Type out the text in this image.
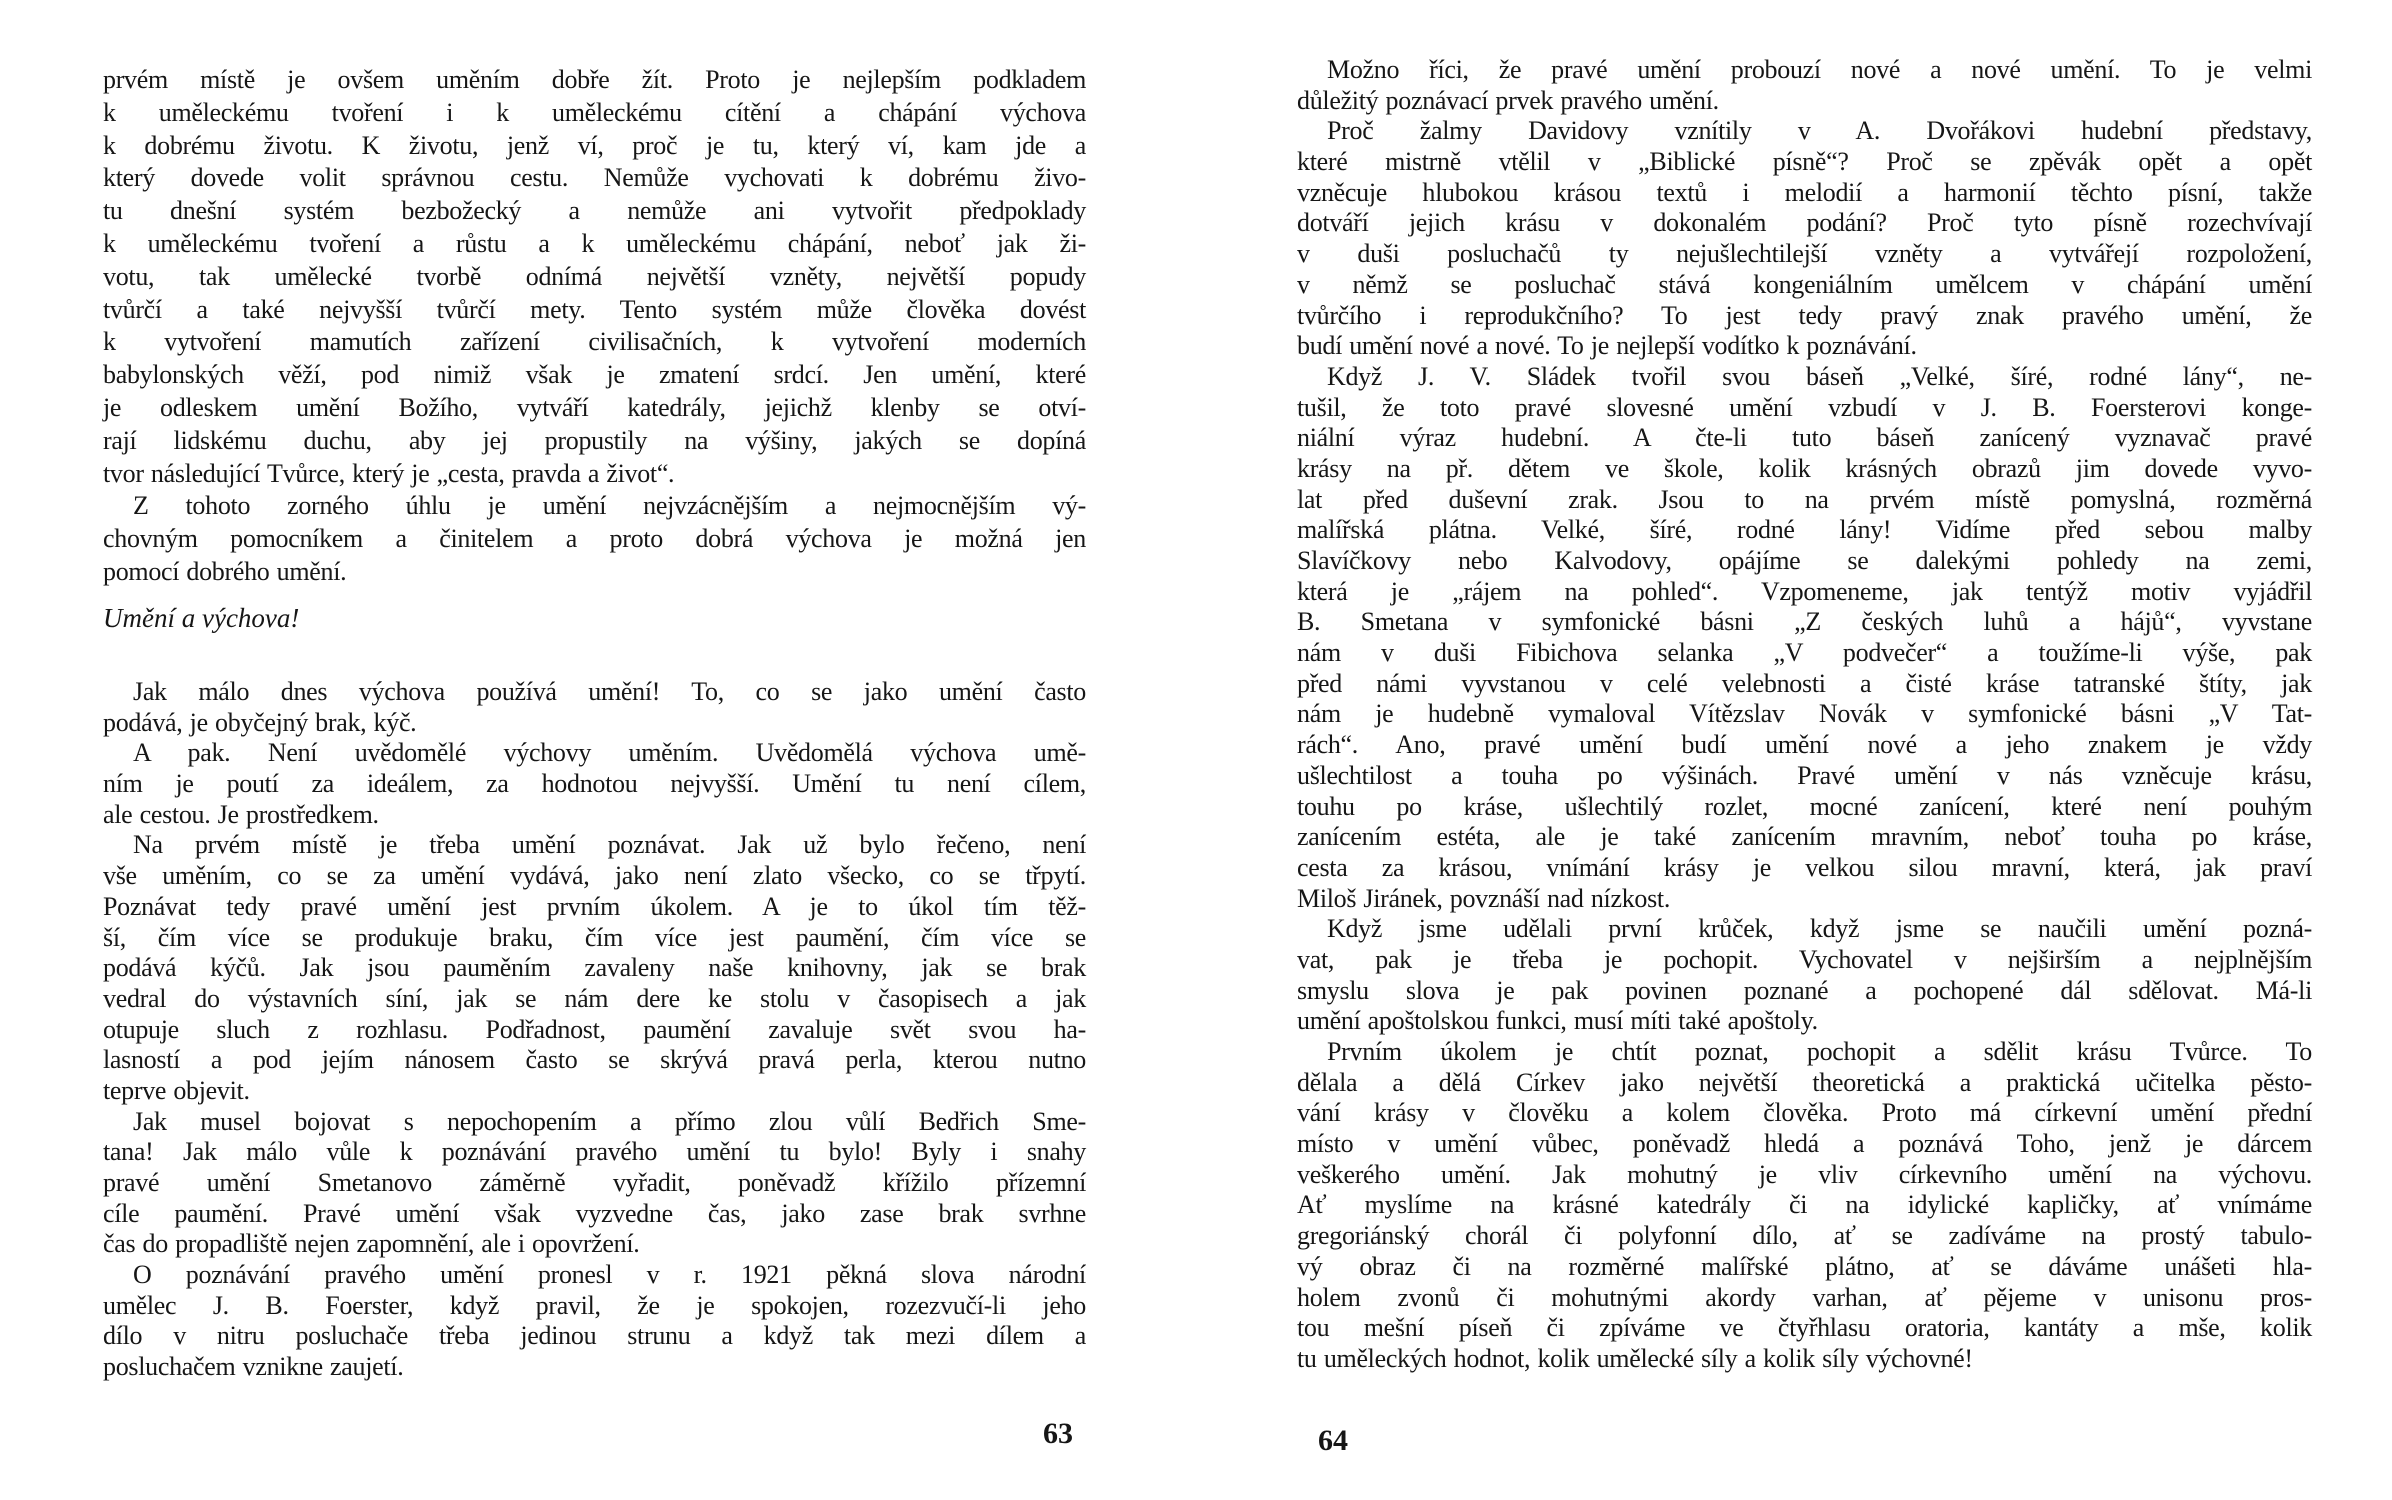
prvém místě je ovšem uměním dobře žít. Proto je nejlepším podkladem
k uměleckému tvoření i k uměleckému cítění a chápání výchova
k dobrému životu. K životu, jenž ví, proč je tu, který ví, kam jde a
který dovede volit správnou cestu. Nemůže vychovati k dobrému živo-
tu dnešní systém bezbožecký a nemůže ani vytvořit předpoklady
k uměleckému tvoření a růstu a k uměleckému chápání, neboť jak ži-
votu, tak umělecké tvorbě odnímá největší vzněty, největší popudy
tvůrčí a také nejvyšší tvůrčí mety. Tento systém může člověka dovést
k vytvoření mamutích zařízení civilisačních, k vytvoření moderních
babylonských věží, pod nimiž však je zmatení srdcí. Jen umění, které
je odleskem umění Božího, vytváří katedrály, jejichž klenby se otví-
rají lidskému duchu, aby jej propustily na výšiny, jakých se dopíná
tvor následující Tvůrce, který je „cesta, pravda a život“.
Z tohoto zorného úhlu je umění nejvzácnějším a nejmocnějším vý-
chovným pomocníkem a činitelem a proto dobrá výchova je možná jen
pomocí dobrého umění.
Umění a výchova!
Jak málo dnes výchova používá umění! To, co se jako umění často
podává, je obyčejný brak, kýč.
A pak. Není uvědomělé výchovy uměním. Uvědomělá výchova umě-
ním je poutí za ideálem, za hodnotou nejvyšší. Umění tu není cílem,
ale cestou. Je prostředkem.
Na prvém místě je třeba umění poznávat. Jak už bylo řečeno, není
vše uměním, co se za umění vydává, jako není zlato všecko, co se třpytí.
Poznávat tedy pravé umění jest prvním úkolem. A je to úkol tím těž-
ší, čím více se produkuje braku, čím více jest paumění, čím více se
podává kýčů. Jak jsou pauměním zavaleny naše knihovny, jak se brak
vedral do výstavních síní, jak se nám dere ke stolu v časopisech a jak
otupuje sluch z rozhlasu. Podřadnost, paumění zavaluje svět svou ha-
lasností a pod jejím nánosem často se skrývá pravá perla, kterou nutno
teprve objevit.
Jak musel bojovat s nepochopením a přímo zlou vůlí Bedřich Sme-
tana! Jak málo vůle k poznávání pravého umění tu bylo! Byly i snahy
pravé umění Smetanovo záměrně vyřadit, poněvadž křížilo přízemní
cíle paumění. Pravé umění však vyzvedne čas, jako zase brak svrhne
čas do propadliště nejen zapomnění, ale i opovržení.
O poznávání pravého umění pronesl v r. 1921 pěkná slova národní
umělec J. B. Foerster, když pravil, že je spokojen, rozezvučí-li jeho
dílo v nitru posluchače třeba jedinou strunu a když tak mezi dílem a
posluchačem vznikne zaujetí.
63
Možno říci, že pravé umění probouzí nové a nové umění. To je velmi
důležitý poznávací prvek pravého umění.
Proč žalmy Davidovy vznítily v A. Dvořákovi hudební představy,
které mistrně vtělil v „Biblické písně“? Proč se zpěvák opět a opět
vzněcuje hlubokou krásou textů i melodií a harmonií těchto písní, takže
dotváří jejich krásu v dokonalém podání? Proč tyto písně rozechvívají
v duši posluchačů ty nejušlechtilejší vzněty a vytvářejí rozpoložení,
v němž se posluchač stává kongeniálním umělcem v chápání umění
tvůrčího i reprodukčního? To jest tedy pravý znak pravého umění, že
budí umění nové a nové. To je nejlepší vodítko k poznávání.
Když J. V. Sládek tvořil svou báseň „Velké, šíré, rodné lány“, ne-
tušil, že toto pravé slovesné umění vzbudí v J. B. Foersterovi konge-
niální výraz hudební. A čte-li tuto báseň zanícený vyznavač pravé
krásy na př. dětem ve škole, kolik krásných obrazů jim dovede vyvo-
lat před duševní zrak. Jsou to na prvém místě pomyslná, rozměrná
malířská plátna. Velké, šíré, rodné lány! Vidíme před sebou malby
Slavíčkovy nebo Kalvodovy, opájíme se dalekými pohledy na zemi,
která je „rájem na pohled“. Vzpomeneme, jak tentýž motiv vyjádřil
B. Smetana v symfonické básni „Z českých luhů a hájů“, vyvstane
nám v duši Fibichova selanka „V podvečer“ a toužíme-li výše, pak
před námi vyvstanou v celé velebnosti a čisté kráse tatranské štíty, jak
nám je hudebně vymaloval Vítězslav Novák v symfonické básni „V Tat-
rách“. Ano, pravé umění budí umění nové a jeho znakem je vždy
ušlechtilost a touha po výšinách. Pravé umění v nás vzněcuje krásu,
touhu po kráse, ušlechtilý rozlet, mocné zanícení, které není pouhým
zanícením estéta, ale je také zanícením mravním, neboť touha po kráse,
cesta za krásou, vnímání krásy je velkou silou mravní, která, jak praví
Miloš Jiránek, povznáší nad nízkost.
Když jsme udělali první krůček, když jsme se naučili umění pozná-
vat, pak je třeba je pochopit. Vychovatel v nejširším a nejplnějším
smyslu slova je pak povinen poznané a pochopené dál sdělovat. Má-li
umění apoštolskou funkci, musí míti také apoštoly.
Prvním úkolem je chtít poznat, pochopit a sdělit krásu Tvůrce. To
dělala a dělá Církev jako největší theoretická a praktická učitelka pěsto-
vání krásy v člověku a kolem člověka. Proto má církevní umění přední
místo v umění vůbec, poněvadž hledá a poznává Toho, jenž je dárcem
veškerého umění. Jak mohutný je vliv církevního umění na výchovu.
Ať myslíme na krásné katedrály či na idylické kapličky, ať vnímáme
gregoriánský chorál či polyfonní dílo, ať se zadíváme na prostý tabulo-
vý obraz či na rozměrné malířské plátno, ať se dáváme unášeti hla-
holem zvonů či mohutnými akordy varhan, ať pějeme v unisonu pros-
tou mešní píseň či zpíváme ve čtyřhlasu oratoria, kantáty a mše, kolik
tu uměleckých hodnot, kolik umělecké síly a kolik síly výchovné!
64
